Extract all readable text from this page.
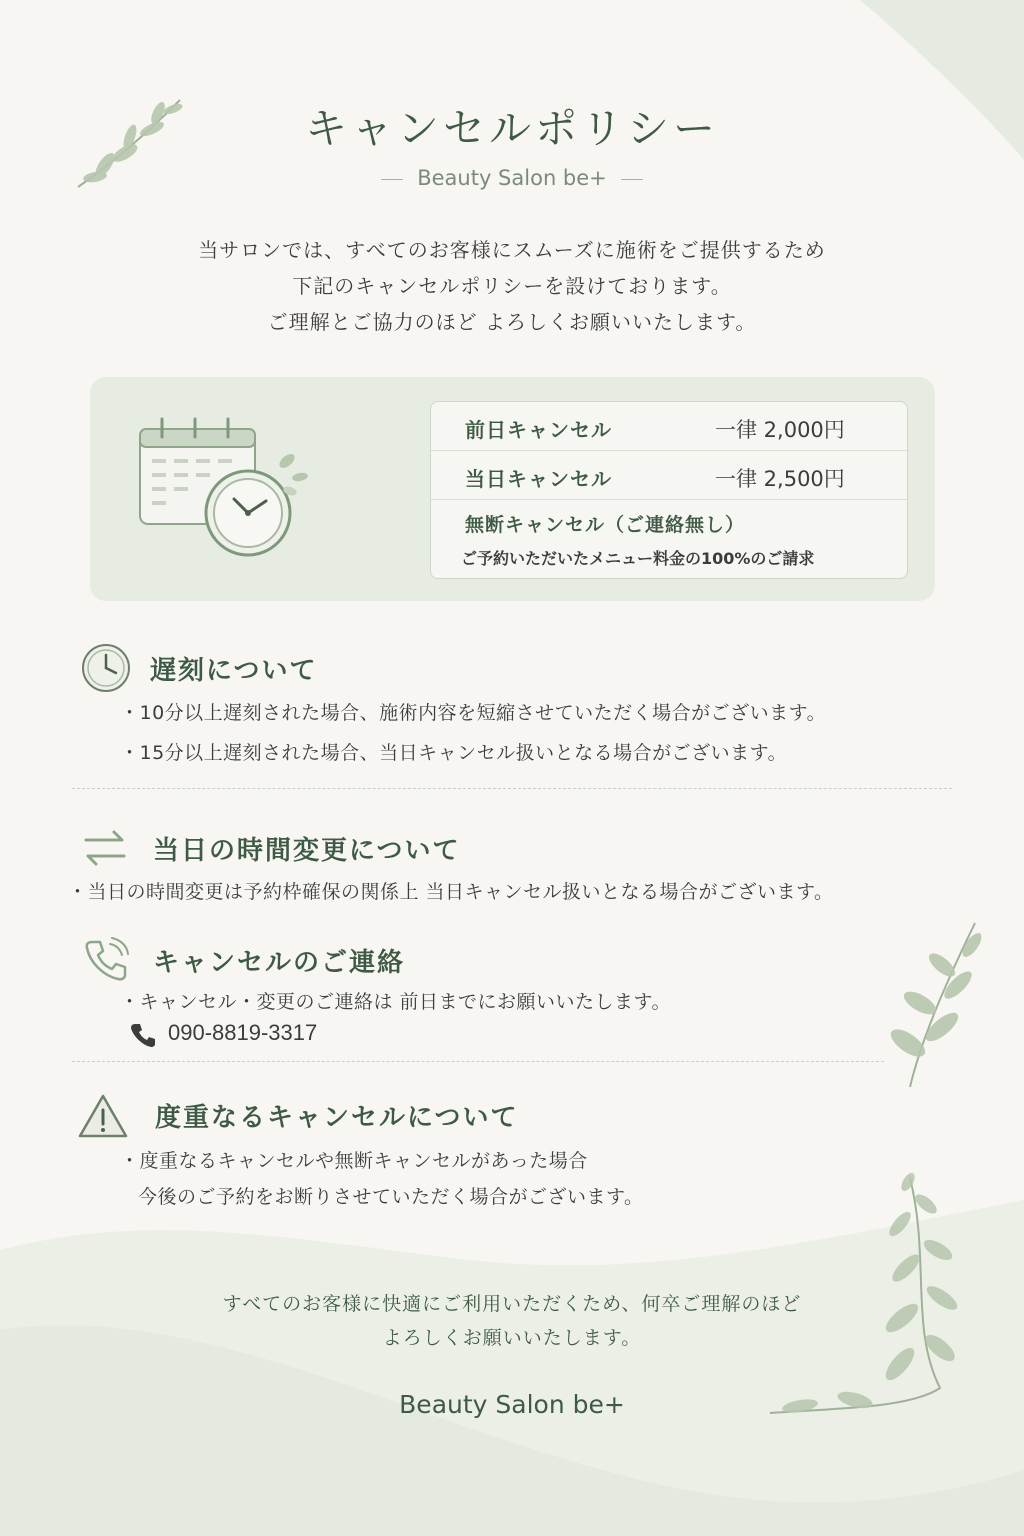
キャンセルポリシー
Beauty Salon be+
当サロンでは、すべてのお客様にスムーズに施術をご提供するため
下記のキャンセルポリシーを設けております。
ご理解とご協力のほど よろしくお願いいたします。
前日キャンセル	一律 2,000円
当日キャンセル	一律 2,500円
無断キャンセル（ご連絡無し）
ご予約いただいたメニュー料金の100%のご請求
遅刻について
・10分以上遅刻された場合、施術内容を短縮させていただく場合がございます。
・15分以上遅刻された場合、当日キャンセル扱いとなる場合がございます。
当日の時間変更について
・当日の時間変更は予約枠確保の関係上 当日キャンセル扱いとなる場合がございます。
キャンセルのご連絡
・キャンセル・変更のご連絡は 前日までにお願いいたします。
090-8819-3317
度重なるキャンセルについて
・度重なるキャンセルや無断キャンセルがあった場合
今後のご予約をお断りさせていただく場合がございます。
すべてのお客様に快適にご利用いただくため、何卒ご理解のほど
よろしくお願いいたします。
Beauty Salon be+
